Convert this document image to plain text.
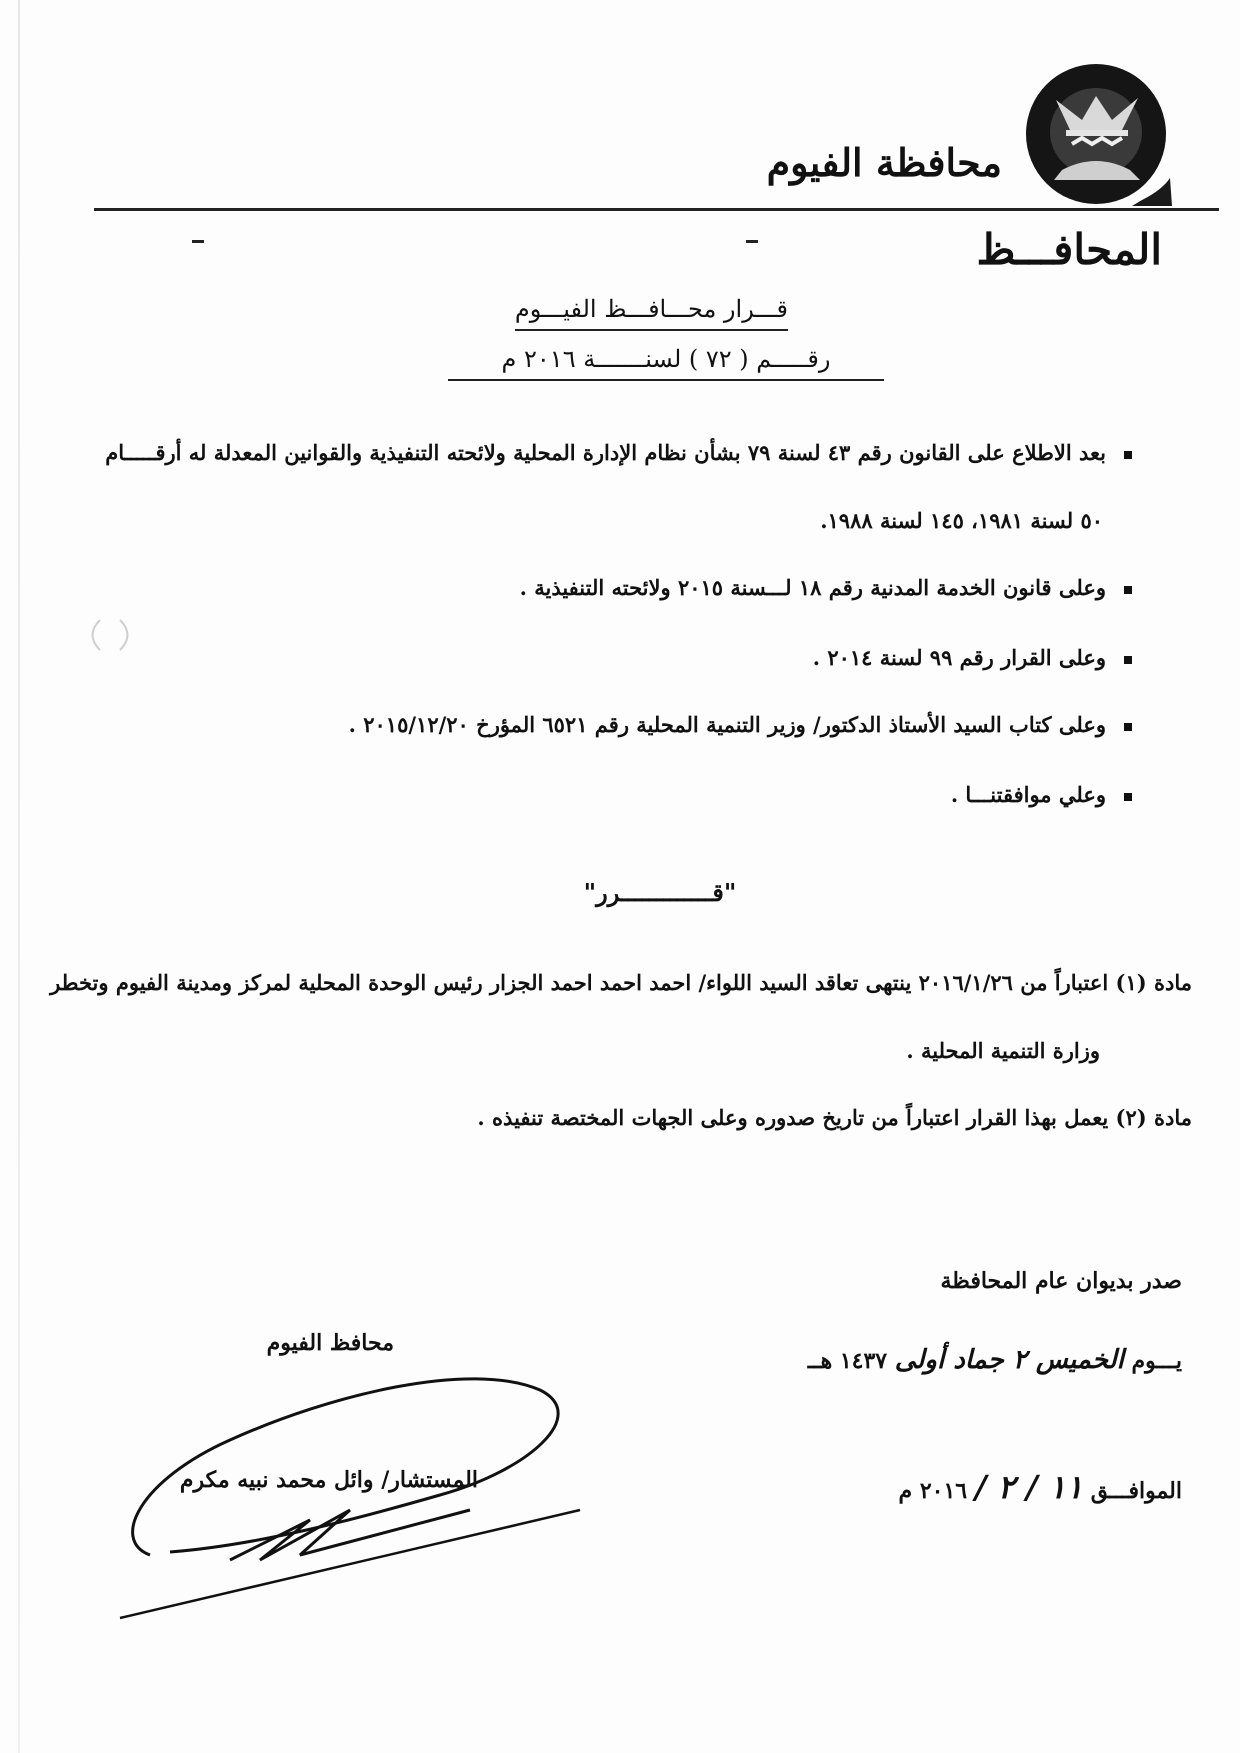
محافظة الفيوم
المحافـــظ
قـــرار محـــافـــظ الفيـــوم
رقـــــم ( ٧٢ ) لسنـــــــة ٢٠١٦ م
بعد الاطلاع على القانون رقم ٤٣ لسنة ٧٩ بشأن نظام الإدارة المحلية ولائحته التنفيذية والقوانين المعدلة له أرقـــــام
٥٠ لسنة ١٩٨١، ١٤٥ لسنة ١٩٨٨.
وعلى قانون الخدمة المدنية رقم ١٨ لـــسنة ٢٠١٥ ولائحته التنفيذية .
وعلى القرار رقم ٩٩ لسنة ٢٠١٤ .
وعلى كتاب السيد الأستاذ الدكتور/ وزير التنمية المحلية رقم ٦٥٢١ المؤرخ ٢٠١٥/١٢/٢٠ .
وعلي موافقتنـــا .
"قـــــــــــــرر"
مادة (١) اعتباراً من ٢٠١٦/١/٢٦ ينتهى تعاقد السيد اللواء/ احمد احمد احمد الجزار رئيس الوحدة المحلية لمركز ومدينة الفيوم وتخطر
وزارة التنمية المحلية .
مادة (٢) يعمل بهذا القرار اعتباراً من تاريخ صدوره وعلى الجهات المختصة تنفيذه .
صدر بديوان عام المحافظة
يـــوم الخميس ٢ جماد أولى ١٤٣٧ هــ
الموافـــق ١١ / ٢ / ٢٠١٦ م
محافظ الفيوم
المستشار/ وائل محمد نبيه مكرم
